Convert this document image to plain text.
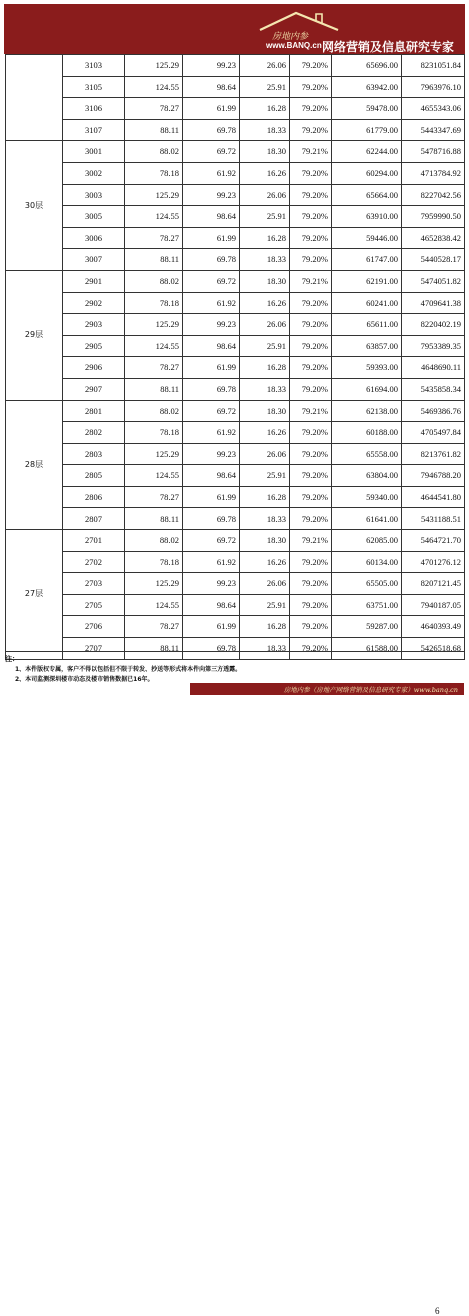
房地内参
www.BANQ.cn 网络营销及信息研究专家
	3103	125.29	99.23	26.06	79.20%	65696.00	8231051.84
	3105	124.55	98.64	25.91	79.20%	63942.00	7963976.10
	3106	78.27	61.99	16.28	79.20%	59478.00	4655343.06
	3107	88.11	69.78	18.33	79.20%	61779.00	5443347.69
30层	3001	88.02	69.72	18.30	79.21%	62244.00	5478716.88
	3002	78.18	61.92	16.26	79.20%	60294.00	4713784.92
	3003	125.29	99.23	26.06	79.20%	65664.00	8227042.56
	3005	124.55	98.64	25.91	79.20%	63910.00	7959990.50
	3006	78.27	61.99	16.28	79.20%	59446.00	4652838.42
	3007	88.11	69.78	18.33	79.20%	61747.00	5440528.17
29层	2901	88.02	69.72	18.30	79.21%	62191.00	5474051.82
	2902	78.18	61.92	16.26	79.20%	60241.00	4709641.38
	2903	125.29	99.23	26.06	79.20%	65611.00	8220402.19
	2905	124.55	98.64	25.91	79.20%	63857.00	7953389.35
	2906	78.27	61.99	16.28	79.20%	59393.00	4648690.11
	2907	88.11	69.78	18.33	79.20%	61694.00	5435858.34
28层	2801	88.02	69.72	18.30	79.21%	62138.00	5469386.76
	2802	78.18	61.92	16.26	79.20%	60188.00	4705497.84
	2803	125.29	99.23	26.06	79.20%	65558.00	8213761.82
	2805	124.55	98.64	25.91	79.20%	63804.00	7946788.20
	2806	78.27	61.99	16.28	79.20%	59340.00	4644541.80
	2807	88.11	69.78	18.33	79.20%	61641.00	5431188.51
27层	2701	88.02	69.72	18.30	79.21%	62085.00	5464721.70
	2702	78.18	61.92	16.26	79.20%	60134.00	4701276.12
	2703	125.29	99.23	26.06	79.20%	65505.00	8207121.45
	2705	124.55	98.64	25.91	79.20%	63751.00	7940187.05
	2706	78.27	61.99	16.28	79.20%	59287.00	4640393.49
	2707	88.11	69.78	18.33	79.20%	61588.00	5426518.68
注：
1、本件版权专属，客户不得以包括但不限于转发、抄送等形式将本件向第三方透露。
2、本司监测深圳楼市动态及楼市销售数据已16年。
6
房地内参（房地产网络营销及信息研究专家）www.banq.cn
